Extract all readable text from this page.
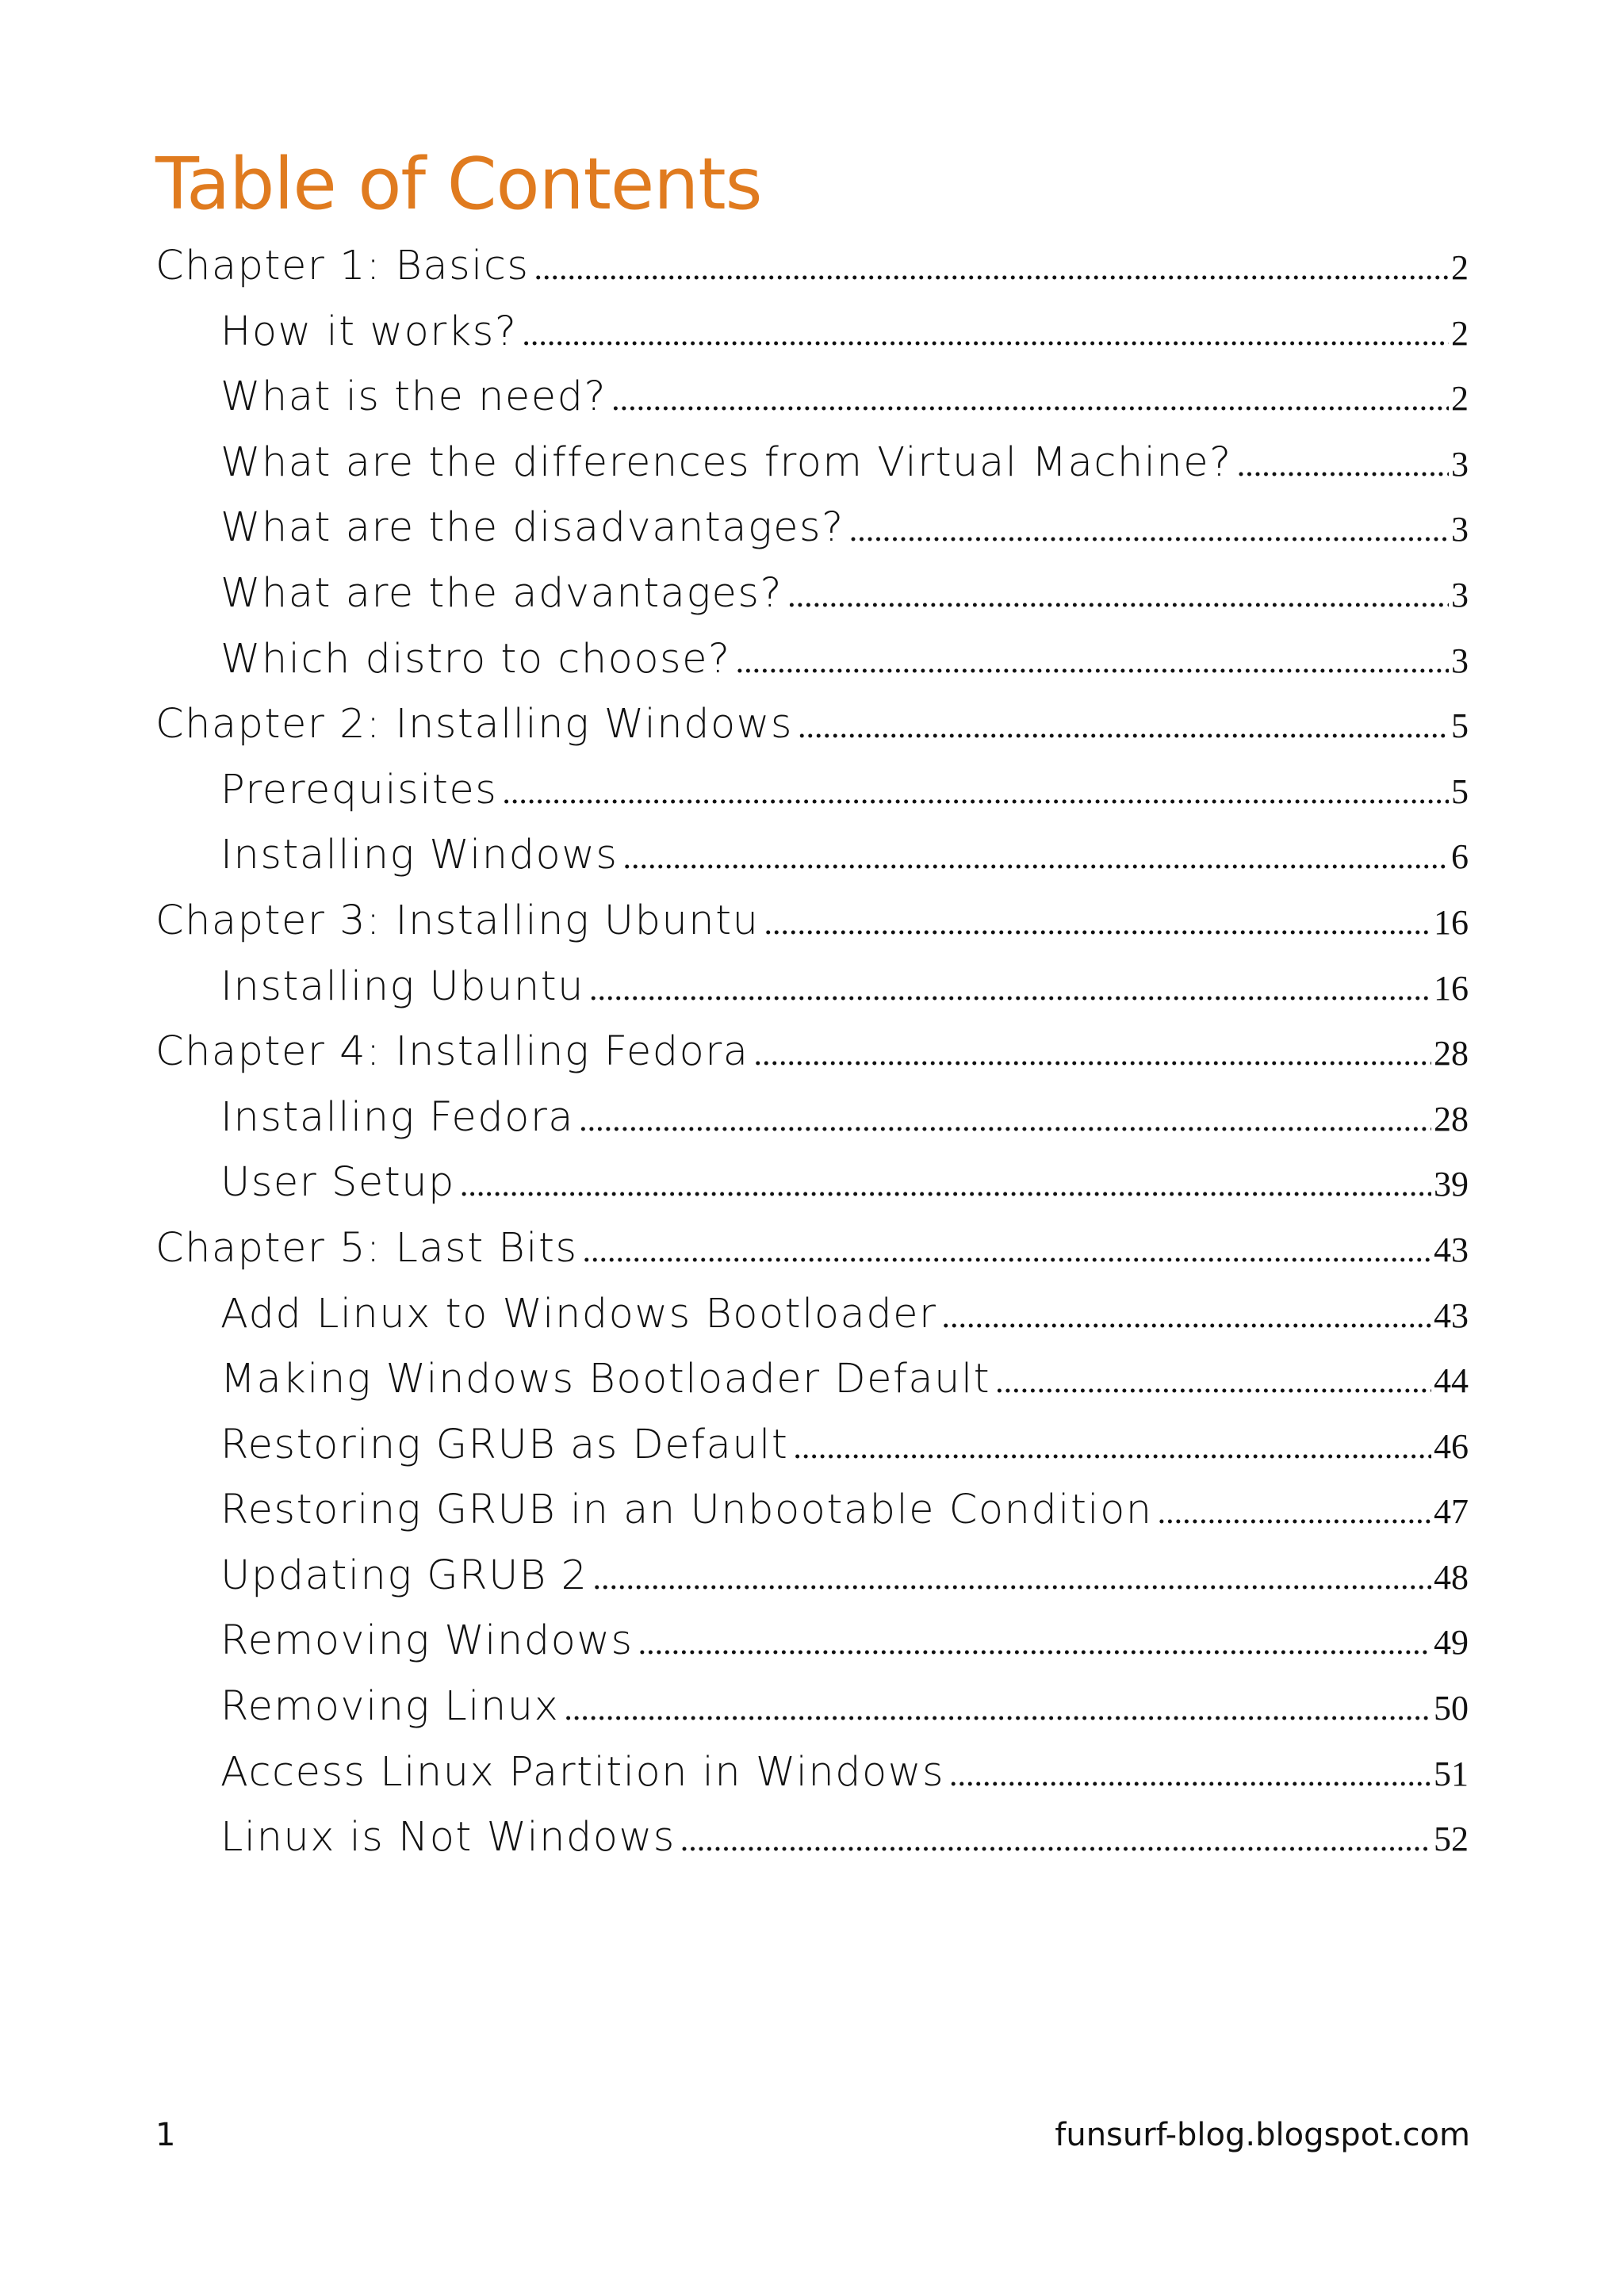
Table of Contents
Chapter 1: Basics .....	2
How it works? .....	2
What is the need? .....	2
What are the differences from Virtual Machine? .....	3
What are the disadvantages? .....	3
What are the advantages? .....	3
Which distro to choose? .....	3
Chapter 2: Installing Windows .....	5
Prerequisites .....	5
Installing Windows .....	6
Chapter 3: Installing Ubuntu .....	16
Installing Ubuntu .....	16
Chapter 4: Installing Fedora .....	28
Installing Fedora .....	28
User Setup .....	39
Chapter 5: Last Bits .....	43
Add Linux to Windows Bootloader .....	43
Making Windows Bootloader Default .....	44
Restoring GRUB as Default .....	46
Restoring GRUB in an Unbootable Condition .....	47
Updating GRUB 2 .....	48
Removing Windows .....	49
Removing Linux .....	50
Access Linux Partition in Windows .....	51
Linux is Not Windows .....	52
1	funsurf-blog.blogspot.com
